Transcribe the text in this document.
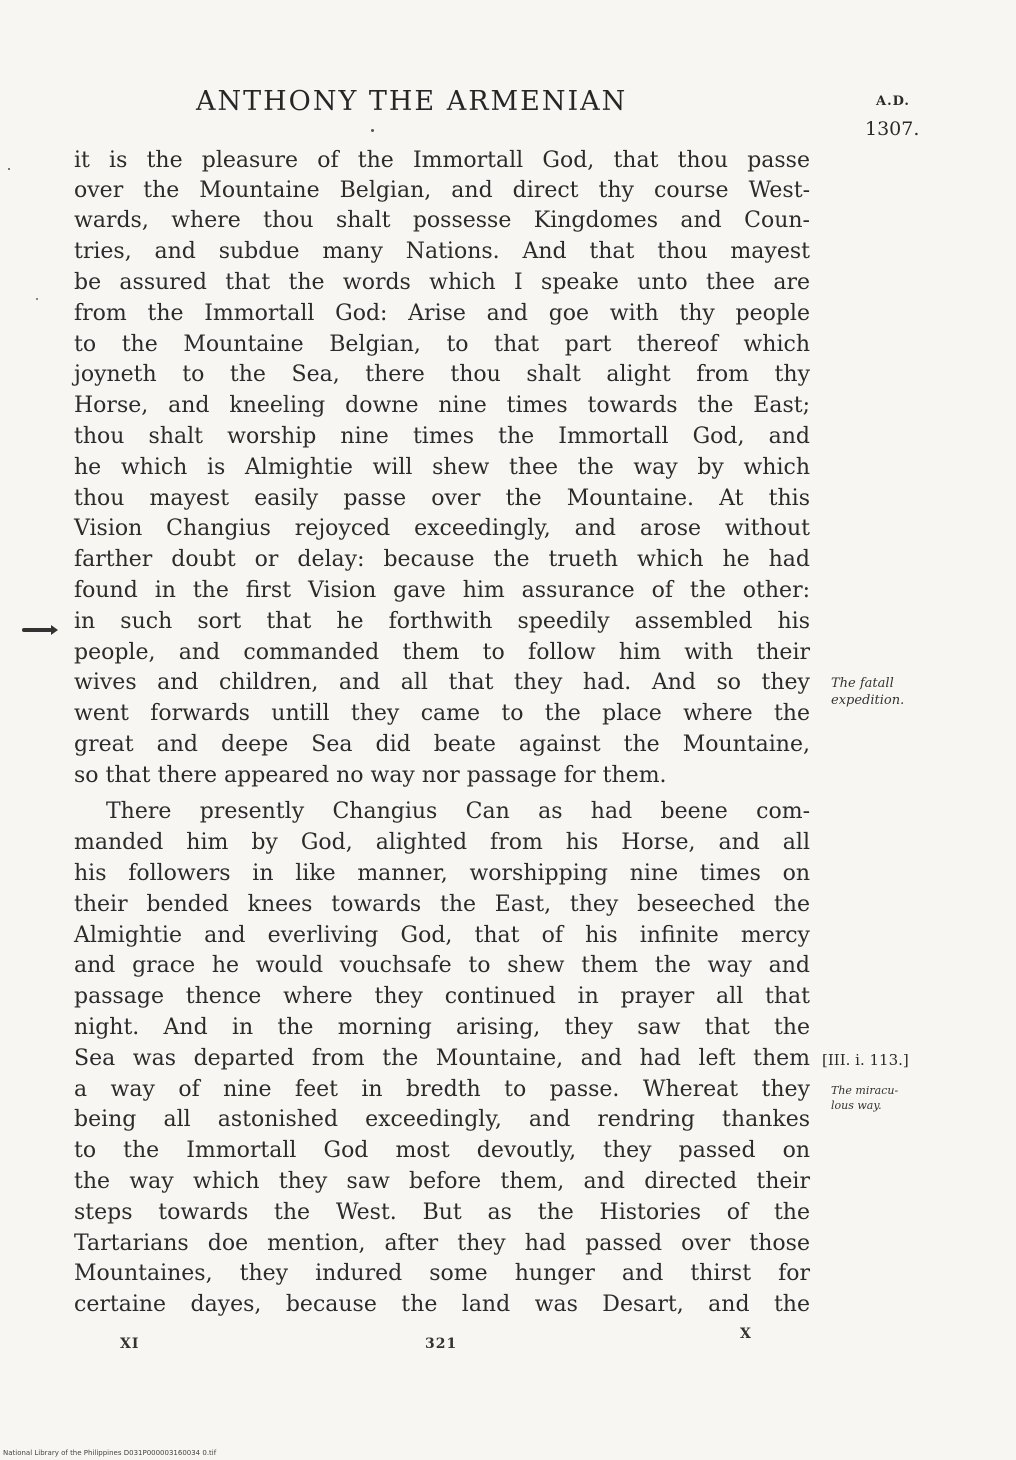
ANTHONY THE ARMENIAN	A.D.
1307.
it is the pleasure of the Immortall God, that thou passe
over the Mountaine Belgian, and direct thy course West-
wards, where thou shalt possesse Kingdomes and Coun-
tries, and subdue many Nations. And that thou mayest
be assured that the words which I speake unto thee are
from the Immortall God: Arise and goe with thy people
to the Mountaine Belgian, to that part thereof which
joyneth to the Sea, there thou shalt alight from thy
Horse, and kneeling downe nine times towards the East;
thou shalt worship nine times the Immortall God, and
he which is Almightie will shew thee the way by which
thou mayest easily passe over the Mountaine. At this
Vision Changius rejoyced exceedingly, and arose without
farther doubt or delay: because the trueth which he had
found in the first Vision gave him assurance of the other:
in such sort that he forthwith speedily assembled his
people, and commanded them to follow him with their
wives and children, and all that they had. And so they
went forwards untill they came to the place where the
great and deepe Sea did beate against the Mountaine,
so that there appeared no way nor passage for them.
There presently Changius Can as had beene com-
manded him by God, alighted from his Horse, and all
his followers in like manner, worshipping nine times on
their bended knees towards the East, they beseeched the
Almightie and everliving God, that of his infinite mercy
and grace he would vouchsafe to shew them the way and
passage thence where they continued in prayer all that
night. And in the morning arising, they saw that the
Sea was departed from the Mountaine, and had left them
a way of nine feet in bredth to passe. Whereat they
being all astonished exceedingly, and rendring thankes
to the Immortall God most devoutly, they passed on
the way which they saw before them, and directed their
steps towards the West. But as the Histories of the
Tartarians doe mention, after they had passed over those
Mountaines, they indured some hunger and thirst for
certaine dayes, because the land was Desart, and the
The fatall
expedition.
[III. i. 113.]
The miracu-
lous way.
XI	321
X
National Library of the Philippines D031P000003160034 0.tif
